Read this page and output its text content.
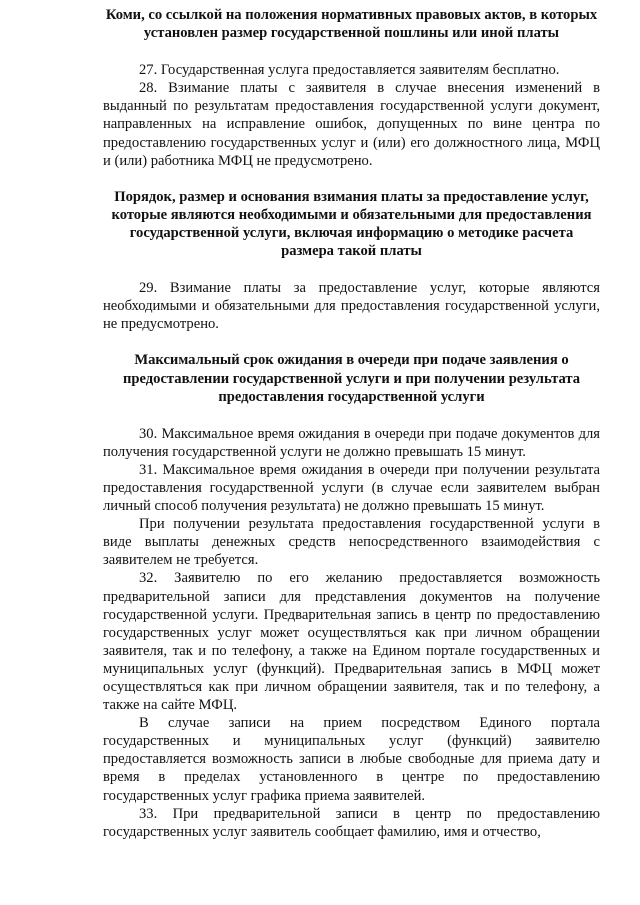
Коми, со ссылкой на положения нормативных правовых актов, в которых установлен размер государственной пошлины или иной платы

27. Государственная услуга предоставляется заявителям бесплатно.

28. Взимание платы с заявителя в случае внесения изменений в выданный по результатам предоставления государственной услуги документ, направленных на исправление ошибок, допущенных по вине центра по предоставлению государственных услуг и (или) его должностного лица, МФЦ и (или) работника МФЦ не предусмотрено.

Порядок, размер и основания взимания платы за предоставление услуг, которые являются необходимыми и обязательными для предоставления государственной услуги, включая информацию о методике расчета размера такой платы

29. Взимание платы за предоставление услуг, которые являются необходимыми и обязательными для предоставления государственной услуги, не предусмотрено.

Максимальный срок ожидания в очереди при подаче заявления о предоставлении государственной услуги и при получении результата предоставления государственной услуги

30. Максимальное время ожидания в очереди при подаче документов для получения государственной услуги не должно превышать 15 минут.

31. Максимальное время ожидания в очереди при получении результата предоставления государственной услуги (в случае если заявителем выбран личный способ получения результата) не должно превышать 15 минут.

При получении результата предоставления государственной услуги в виде выплаты денежных средств непосредственного взаимодействия с заявителем не требуется.

32. Заявителю по его желанию предоставляется возможность предварительной записи для представления документов на получение государственной услуги. Предварительная запись в центр по предоставлению государственных услуг может осуществляться как при личном обращении заявителя, так и по телефону, а также на Едином портале государственных и муниципальных услуг (функций). Предварительная запись в МФЦ может осуществляться как при личном обращении заявителя, так и по телефону, а также на сайте МФЦ.

В случае записи на прием посредством Единого портала государственных и муниципальных услуг (функций) заявителю предоставляется возможность записи в любые свободные для приема дату и время в пределах установленного в центре по предоставлению государственных услуг графика приема заявителей.

33. При предварительной записи в центр по предоставлению государственных услуг заявитель сообщает фамилию, имя и отчество,
